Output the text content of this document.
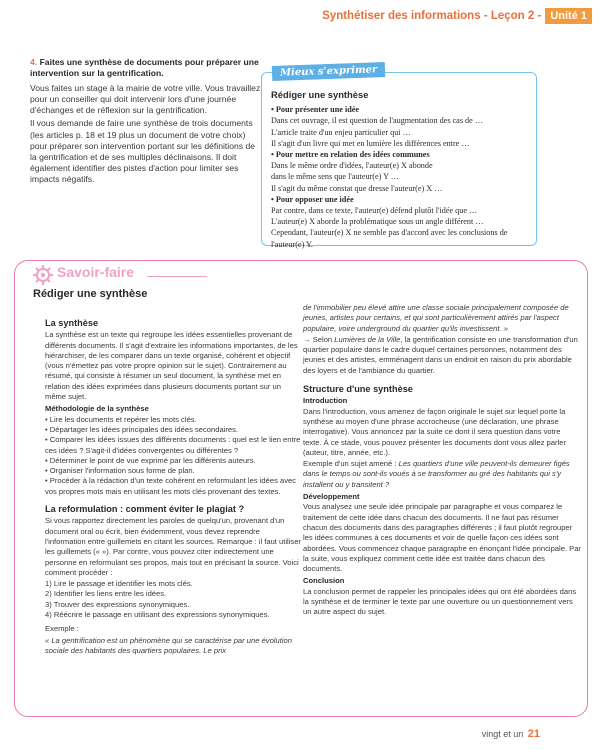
Synthétiser des informations - Leçon 2 - Unité 1
4. Faites une synthèse de documents pour préparer une intervention sur la gentrification.

Vous faites un stage à la mairie de votre ville. Vous travaillez pour un conseiller qui doit intervenir lors d'une journée d'échanges et de réflexion sur la gentrification.

Il vous demande de faire une synthèse de trois documents (les articles p. 18 et 19 plus un document de votre choix) pour préparer son intervention portant sur les définitions de la gentrification et de ses multiples déclinaisons. Il doit également identifier des pistes d'action pour limiter ses impacts négatifs.

Mieux s'exprimer
Rédiger une synthèse
• Pour présenter une idée
Dans cet ouvrage, il est question de l'augmentation des cas de …
L'article traite d'un enjeu particulier qui …
Il s'agit d'un livre qui met en lumière les différences entre …
• Pour mettre en relation des idées communes
Dans le même ordre d'idées, l'auteur(e) X abonde
dans le même sens que l'auteur(e) Y …
Il s'agit du même constat que dresse l'auteur(e) X …
• Pour opposer une idée
Par contre, dans ce texte, l'auteur(e) défend plutôt l'idée que …
L'auteur(e) X aborde la problématique sous un angle différent …
Cependant, l'auteur(e) X ne semble pas d'accord avec les conclusions de l'auteur(e) Y.
Savoir-faire
Rédiger une synthèse
La synthèse

La synthèse est un texte qui regroupe les idées essentielles provenant de différents documents. Il s'agit d'extraire les informations importantes, de les hiérarchiser, de les comparer dans un texte organisé, cohérent et objectif (vous n'émettez pas votre propre opinion sur le sujet). Contrairement au résumé, qui consiste à résumer un seul document, la synthèse met en relation des idées exprimées dans plusieurs documents portant sur un même sujet.

Méthodologie de la synthèse
• Lire les documents et repérer les mots clés.
• Départager les idées principales des idées secondaires.
• Comparer les idées issues des différents documents : quel est le lien entre ces idées ? S'agit-il d'idées convergentes ou différentes ?
• Déterminer le point de vue exprimé par les différents auteurs.
• Organiser l'information sous forme de plan.
• Procéder à la rédaction d'un texte cohérent en reformulant les idées avec vos propres mots mais en utilisant les mots clés provenant des textes.
La reformulation : comment éviter le plagiat ?

Si vous rapportez directement les paroles de quelqu'un, provenant d'un document oral ou écrit, bien évidemment, vous devez reprendre l'information entre guillemets en citant les sources. Remarque : il faut utiliser les guillemets (« »). Par contre, vous pouvez citer indirectement une personne en reformulant ses propos, mais tout en précisant la source. Voici comment procéder :

1) Lire le passage et identifier les mots clés.
2) Identifier les liens entre les idées.
3) Trouver des expressions synonymiques.
4) Réécrire le passage en utilisant des expressions synonymiques.

Exemple :

« La gentrification est un phénomène qui se caractérise par une évolution sociale des habitants des quartiers populaires. Le prix

de l'immobilier peu élevé attire une classe sociale principalement composée de jeunes, artistes pour certains, et qui sont particulièrement attirés par l'aspect populaire, voire underground du quartier qu'ils investissent. »

→ Selon Lumières de la Ville, la gentrification consiste en une transformation d'un quartier populaire dans le cadre duquel certaines personnes, notamment des jeunes et des artistes, emménagent dans un endroit en raison du prix abordable des loyers et de l'ambiance du quartier.

Structure d'une synthèse
Introduction

Dans l'introduction, vous amenez de façon originale le sujet sur lequel porte la synthèse au moyen d'une phrase accrocheuse (une déclaration, une phrase interrogative). Vous annoncez par la suite ce dont il sera question dans votre texte. À ce stade, vous pouvez présenter les documents dont vous allez parler (auteur, titre, année, etc.).

Exemple d'un sujet amené : Les quartiers d'une ville peuvent-ils demeurer figés dans le temps ou sont-ils voués à se transformer au gré des habitants qui s'y installent ou y transitent ?

Développement

Vous analysez une seule idée principale par paragraphe et vous comparez le traitement de cette idée dans chacun des documents. Il ne faut pas résumer chacun des documents dans des paragraphes différents ; il faut plutôt regrouper les idées communes à ces documents et voir de quelle façon ces idées sont abordées. Vous commencez chaque paragraphe en énonçant l'idée principale. Par la suite, vous expliquez comment cette idée est traitée dans chacun des documents.

Conclusion

La conclusion permet de rappeler les principales idées qui ont été abordées dans la synthèse et de terminer le texte par une ouverture ou un questionnement vers un autre aspect du sujet.

vingt et un 21
